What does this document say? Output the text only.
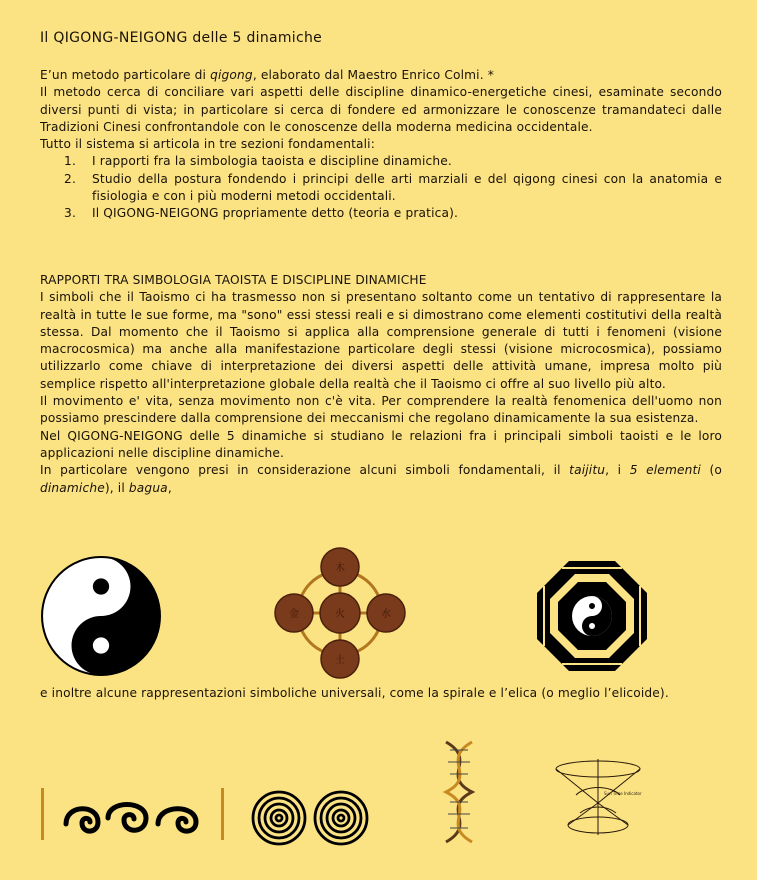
Il QIGONG-NEIGONG delle 5 dinamiche

E’un metodo particolare di qigong, elaborato dal Maestro Enrico Colmi. *

Il metodo cerca di conciliare vari aspetti delle discipline dinamico-energetiche cinesi, esaminate secondo diversi punti di vista; in particolare si cerca di fondere ed armonizzare le conoscenze tramandateci dalle Tradizioni Cinesi confrontandole con le conoscenze della moderna medicina occidentale.

Tutto il sistema si articola in tre sezioni fondamentali:

1. I rapporti fra la simbologia taoista e discipline dinamiche.
2. Studio della postura fondendo i principi delle arti marziali e del qigong cinesi con la anatomia e fisiologia e con i più moderni metodi occidentali.
3. Il QIGONG-NEIGONG propriamente detto (teoria e pratica).

RAPPORTI TRA SIMBOLOGIA TAOISTA E DISCIPLINE DINAMICHE

I simboli che il Taoismo ci ha trasmesso non si presentano soltanto come un tentativo di rappresentare la realtà in tutte le sue forme, ma "sono" essi stessi reali e si dimostrano come elementi costitutivi della realtà stessa. Dal momento che il Taoismo si applica alla comprensione generale di tutti i fenomeni (visione macrocosmica) ma anche alla manifestazione particolare degli stessi (visione microcosmica), possiamo utilizzarlo come chiave di interpretazione dei diversi aspetti delle attività umane, impresa molto più semplice rispetto all'interpretazione globale della realtà che il Taoismo ci offre al suo livello più alto.

Il movimento e' vita, senza movimento non c'è vita. Per comprendere la realtà fenomenica dell'uomo non possiamo prescindere dalla comprensione dei meccanismi che regolano dinamicamente la sua esistenza.

Nel QIGONG-NEIGONG delle 5 dinamiche si studiano le relazioni fra i principali simboli taoisti e le loro applicazioni nelle discipline dinamiche.

In particolare vengono presi in considerazione alcuni simboli fondamentali, il taijitu, i 5 elementi (o dinamiche), il bagua,

木
金	水
土
火
e inoltre alcune rappresentazioni simboliche universali, come la spirale e l’elica (o meglio l’elicoide).
Sun Time Indicator
